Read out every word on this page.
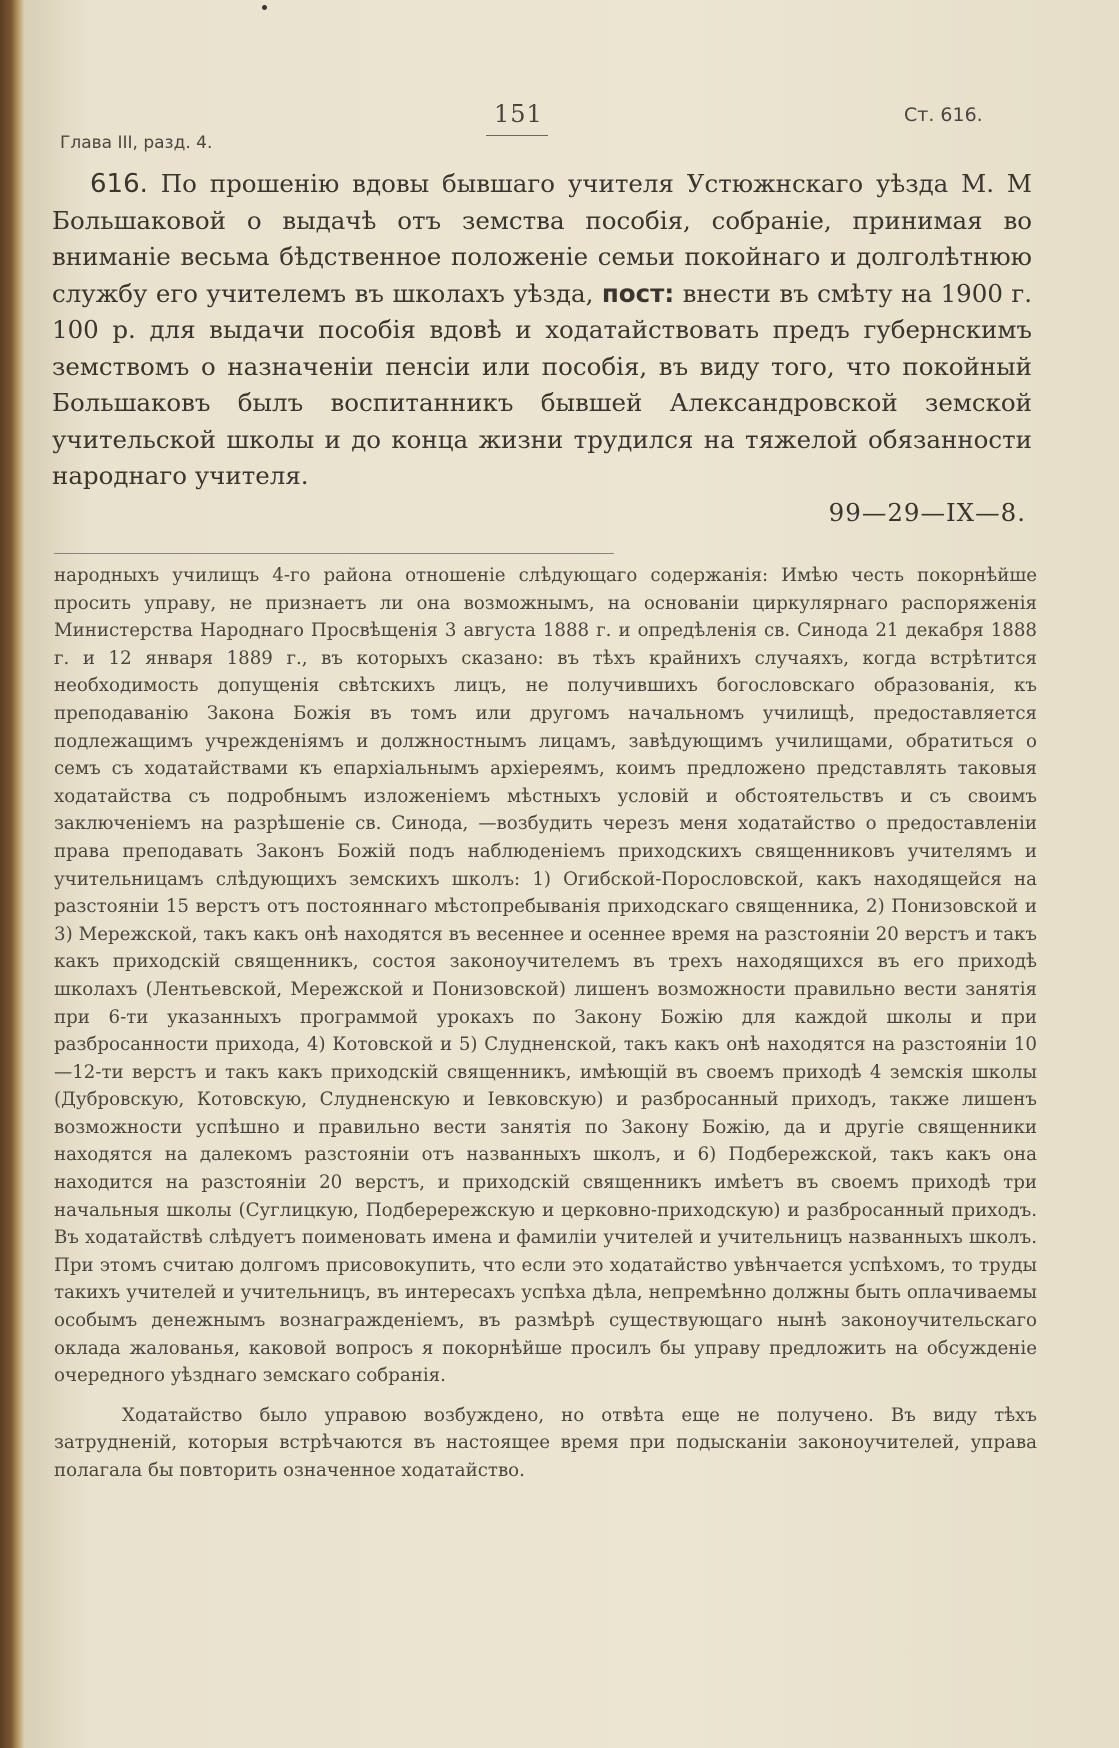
Глава III, разд. 4.
151	Ст. 616.
616. По прошенію вдовы бывшаго учителя Устюжнскаго уѣзда М. М Большаковой о выдачѣ отъ земства пособія, собраніе, принимая во вниманіе весьма бѣдственное положеніе семьи покойнаго и долголѣтнюю службу его учителемъ въ школахъ уѣзда, пост: внести въ смѣту на 1900 г. 100 р. для выдачи пособія вдовѣ и ходатайствовать предъ губернскимъ земствомъ о назначеніи пенсіи или пособія, въ виду того, что покойный Большаковъ былъ воспитанникъ бывшей Александровской земской учительской школы и до конца жизни трудился на тяжелой обязанности народнаго учителя.
99—29—IX—8.

народныхъ училищъ 4-го района отношеніе слѣдующаго содержанія: Имѣю честь покорнѣйше просить управу, не признаетъ ли она возможнымъ, на основаніи циркулярнаго распоряженія Министерства Народнаго Просвѣщенія 3 августа 1888 г. и опредѣленія св. Синода 21 декабря 1888 г. и 12 января 1889 г., въ которыхъ сказано: въ тѣхъ крайнихъ случаяхъ, когда встрѣтится необходимость допущенія свѣтскихъ лицъ, не получившихъ богословскаго образованія, къ преподаванію Закона Божія въ томъ или другомъ начальномъ училищѣ, предоставляется подлежащимъ учрежденіямъ и должностнымъ лицамъ, завѣдующимъ училищами, обратиться о семъ съ ходатайствами къ епархіальнымъ архіереямъ, коимъ предложено представлять таковыя ходатайства съ подробнымъ изложеніемъ мѣстныхъ условій и обстоятельствъ и съ своимъ заключеніемъ на разрѣшеніе св. Синода, —возбудить черезъ меня ходатайство о предоставленіи права преподавать Законъ Божій подъ наблюденіемъ приходскихъ священниковъ учителямъ и учительницамъ слѣдующихъ земскихъ школъ: 1) Огибской-Порословской, какъ находящейся на разстояніи 15 верстъ отъ постояннаго мѣстопребыванія приходскаго священника, 2) Понизовской и 3) Мережской, такъ какъ онѣ находятся въ весеннее и осеннее время на разстояніи 20 верстъ и такъ какъ приходскій священникъ, состоя законоучителемъ въ трехъ находящихся въ его приходѣ школахъ (Лентьевской, Мережской и Понизовской) лишенъ возможности правильно вести занятія при 6-ти указанныхъ программой урокахъ по Закону Божію для каждой школы и при разбросанности прихода, 4) Котовской и 5) Слудненской, такъ какъ онѣ находятся на разстояніи 10—12-ти верстъ и такъ какъ приходскій священникъ, имѣющій въ своемъ приходѣ 4 земскія школы (Дубровскую, Котовскую, Слудненскую и Іевковскую) и разбросанный приходъ, также лишенъ возможности успѣшно и правильно вести занятія по Закону Божію, да и другіе священники находятся на далекомъ разстояніи отъ названныхъ школъ, и 6) Подбережской, такъ какъ она находится на разстояніи 20 верстъ, и приходскій священникъ имѣетъ въ своемъ приходѣ три начальныя школы (Суглицкую, Подберережскую и церковно-приходскую) и разбросанный приходъ. Въ ходатайствѣ слѣдуетъ поименовать имена и фамиліи учителей и учительницъ названныхъ школъ. При этомъ считаю долгомъ присовокупить, что если это ходатайство увѣнчается успѣхомъ, то труды такихъ учителей и учительницъ, въ интересахъ успѣха дѣла, непремѣнно должны быть оплачиваемы особымъ денежнымъ вознагражденіемъ, въ размѣрѣ существующаго нынѣ законоучительскаго оклада жалованья, каковой вопросъ я покорнѣйше просилъ бы управу предложить на обсужденіе очередного уѣзднаго земскаго собранія.

Ходатайство было управою возбуждено, но отвѣта еще не получено. Въ виду тѣхъ затрудненій, которыя встрѣчаются въ настоящее время при подысканіи законоучителей, управа полагала бы повторить означенное ходатайство.
